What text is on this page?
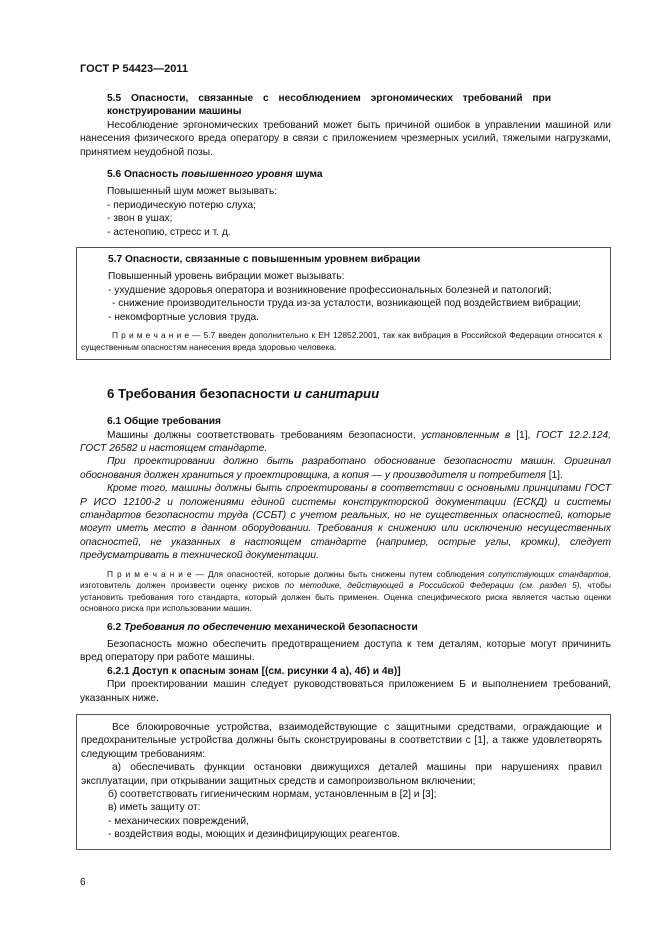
ГОСТ Р 54423—2011

5.5 Опасности, связанные с несоблюдением эргономических требований при конструировании машины

Несоблюдение эргономических требований может быть причиной ошибок в управлении машиной или нанесения физического вреда оператору в связи с приложением чрезмерных усилий, тяжелыми нагрузками, принятием неудобной позы.

5.6 Опасность повышенного уровня шума

Повышенный шум может вызывать:

- периодическую потерю слуха;

- звон в ушах;

- астенопию, стресс и т. д.

5.7 Опасности, связанные с повышенным уровнем вибрации

Повышенный уровень вибрации может вызывать:

- ухудшение здоровья оператора и возникновение профессиональных болезней и патологий;

- снижение производительности труда из-за усталости, возникающей под воздействием вибрации;

- некомфортные условия труда.

П р и м е ч а н и е — 5.7 введен дополнительно к ЕН 12852.2001, так как вибрация в Российской Федерации относится к существенным опасностям нанесения вреда здоровью человека.

6 Требования безопасности и санитарии

6.1 Общие требования

Машины должны соответствовать требованиям безопасности, установленным в [1], ГОСТ 12.2.124, ГОСТ 26582 и настоящем стандарте.

При проектировании должно быть разработано обоснование безопасности машин. Оригинал обоснования должен храниться у проектировщика, а копия — у производителя и потребителя [1].

Кроме того, машины должны быть спроектированы в соответствии с основными принципами ГОСТ Р ИСО 12100-2 и положениями единой системы конструкторской документации (ЕСКД) и системы стандартов безопасности труда (ССБТ) с учетом реальных, но не существенных опасностей, которые могут иметь место в данном оборудовании. Требования к снижению или исключению несущественных опасностей, не указанных в настоящем стандарте (например, острые углы, кромки), следует предусматривать в технической документации.

П р и м е ч а н и е — Для опасностей, которые должны быть снижены путем соблюдения сопутствующих стандартов, изготовитель должен произвести оценку рисков по методике, действующей в Российской Федерации (см. раздел 5), чтобы установить требования того стандарта, который должен быть применен. Оценка специфического риска является частью оценки основного риска при использовании машин.

6.2 Требования по обеспечению механической безопасности

Безопасность можно обеспечить предотвращением доступа к тем деталям, которые могут причинить вред оператору при работе машины.

6.2.1 Доступ к опасным зонам [(см. рисунки 4 а), 4б) и 4в)]

При проектировании машин следует руководствоваться приложением Б и выполнением требований, указанных ниже.

Все блокировочные устройства, взаимодействующие с защитными средствами, ограждающие и предохранительные устройства должны быть сконструированы в соответствии с [1], а также удовлетворять следующим требованиям:

а) обеспечивать функции остановки движущихся деталей машины при нарушениях правил эксплуатации, при открывании защитных средств и самопроизвольном включении;

б) соответствовать гигиеническим нормам, установленным в [2] и [3];

в) иметь защиту от:

- механических повреждений,

- воздействия воды, моющих и дезинфицирующих реагентов.

6
